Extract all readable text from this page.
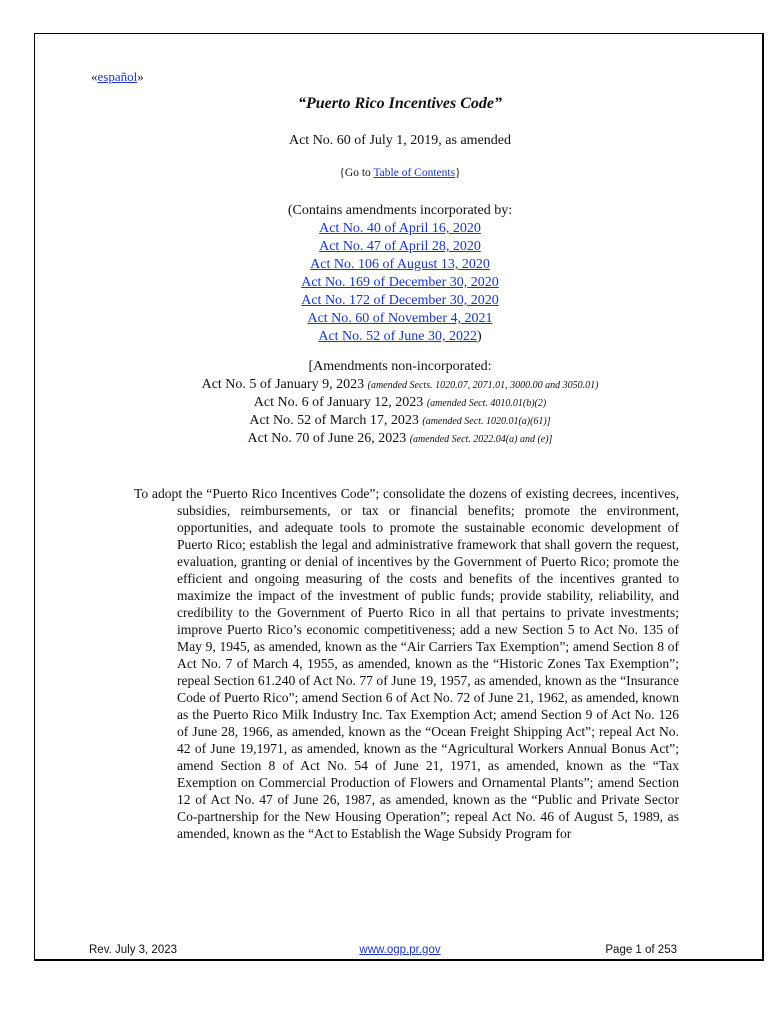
«español»
“Puerto Rico Incentives Code”
Act No. 60 of July 1, 2019, as amended
{Go to Table of Contents}
(Contains amendments incorporated by:
Act No. 40 of April 16, 2020
Act No. 47 of April 28, 2020
Act No. 106 of August 13, 2020
Act No. 169 of December 30, 2020
Act No. 172 of December 30, 2020
Act No. 60 of November 4, 2021
Act No. 52 of June 30, 2022)
[Amendments non-incorporated:
Act No. 5 of January 9, 2023 (amended Sects. 1020.07, 2071.01, 3000.00 and 3050.01)
Act No. 6 of January 12, 2023 (amended Sect. 4010.01(b)(2)
Act No. 52 of March 17, 2023 (amended Sect. 1020.01(a)(61)]
Act No. 70 of June 26, 2023 (amended Sect. 2022.04(a) and (e)]
To adopt the “Puerto Rico Incentives Code”; consolidate the dozens of existing decrees, incentives, subsidies, reimbursements, or tax or financial benefits; promote the environment, opportunities, and adequate tools to promote the sustainable economic development of Puerto Rico; establish the legal and administrative framework that shall govern the request, evaluation, granting or denial of incentives by the Government of Puerto Rico; promote the efficient and ongoing measuring of the costs and benefits of the incentives granted to maximize the impact of the investment of public funds; provide stability, reliability, and credibility to the Government of Puerto Rico in all that pertains to private investments; improve Puerto Rico’s economic competitiveness; add a new Section 5 to Act No. 135 of May 9, 1945, as amended, known as the “Air Carriers Tax Exemption”; amend Section 8 of Act No. 7 of March 4, 1955, as amended, known as the “Historic Zones Tax Exemption”; repeal Section 61.240 of Act No. 77 of June 19, 1957, as amended, known as the “Insurance Code of Puerto Rico”; amend Section 6 of Act No. 72 of June 21, 1962, as amended, known as the Puerto Rico Milk Industry Inc. Tax Exemption Act; amend Section 9 of Act No. 126 of June 28, 1966, as amended, known as the “Ocean Freight Shipping Act”; repeal Act No. 42 of June 19,1971, as amended, known as the “Agricultural Workers Annual Bonus Act”; amend Section 8 of Act No. 54 of June 21, 1971, as amended, known as the “Tax Exemption on Commercial Production of Flowers and Ornamental Plants”; amend Section 12 of Act No. 47 of June 26, 1987, as amended, known as the “Public and Private Sector Co-partnership for the New Housing Operation”; repeal Act No. 46 of August 5, 1989, as amended, known as the “Act to Establish the Wage Subsidy Program for
Rev. July 3, 2023	www.ogp.pr.gov	Page 1 of 253
